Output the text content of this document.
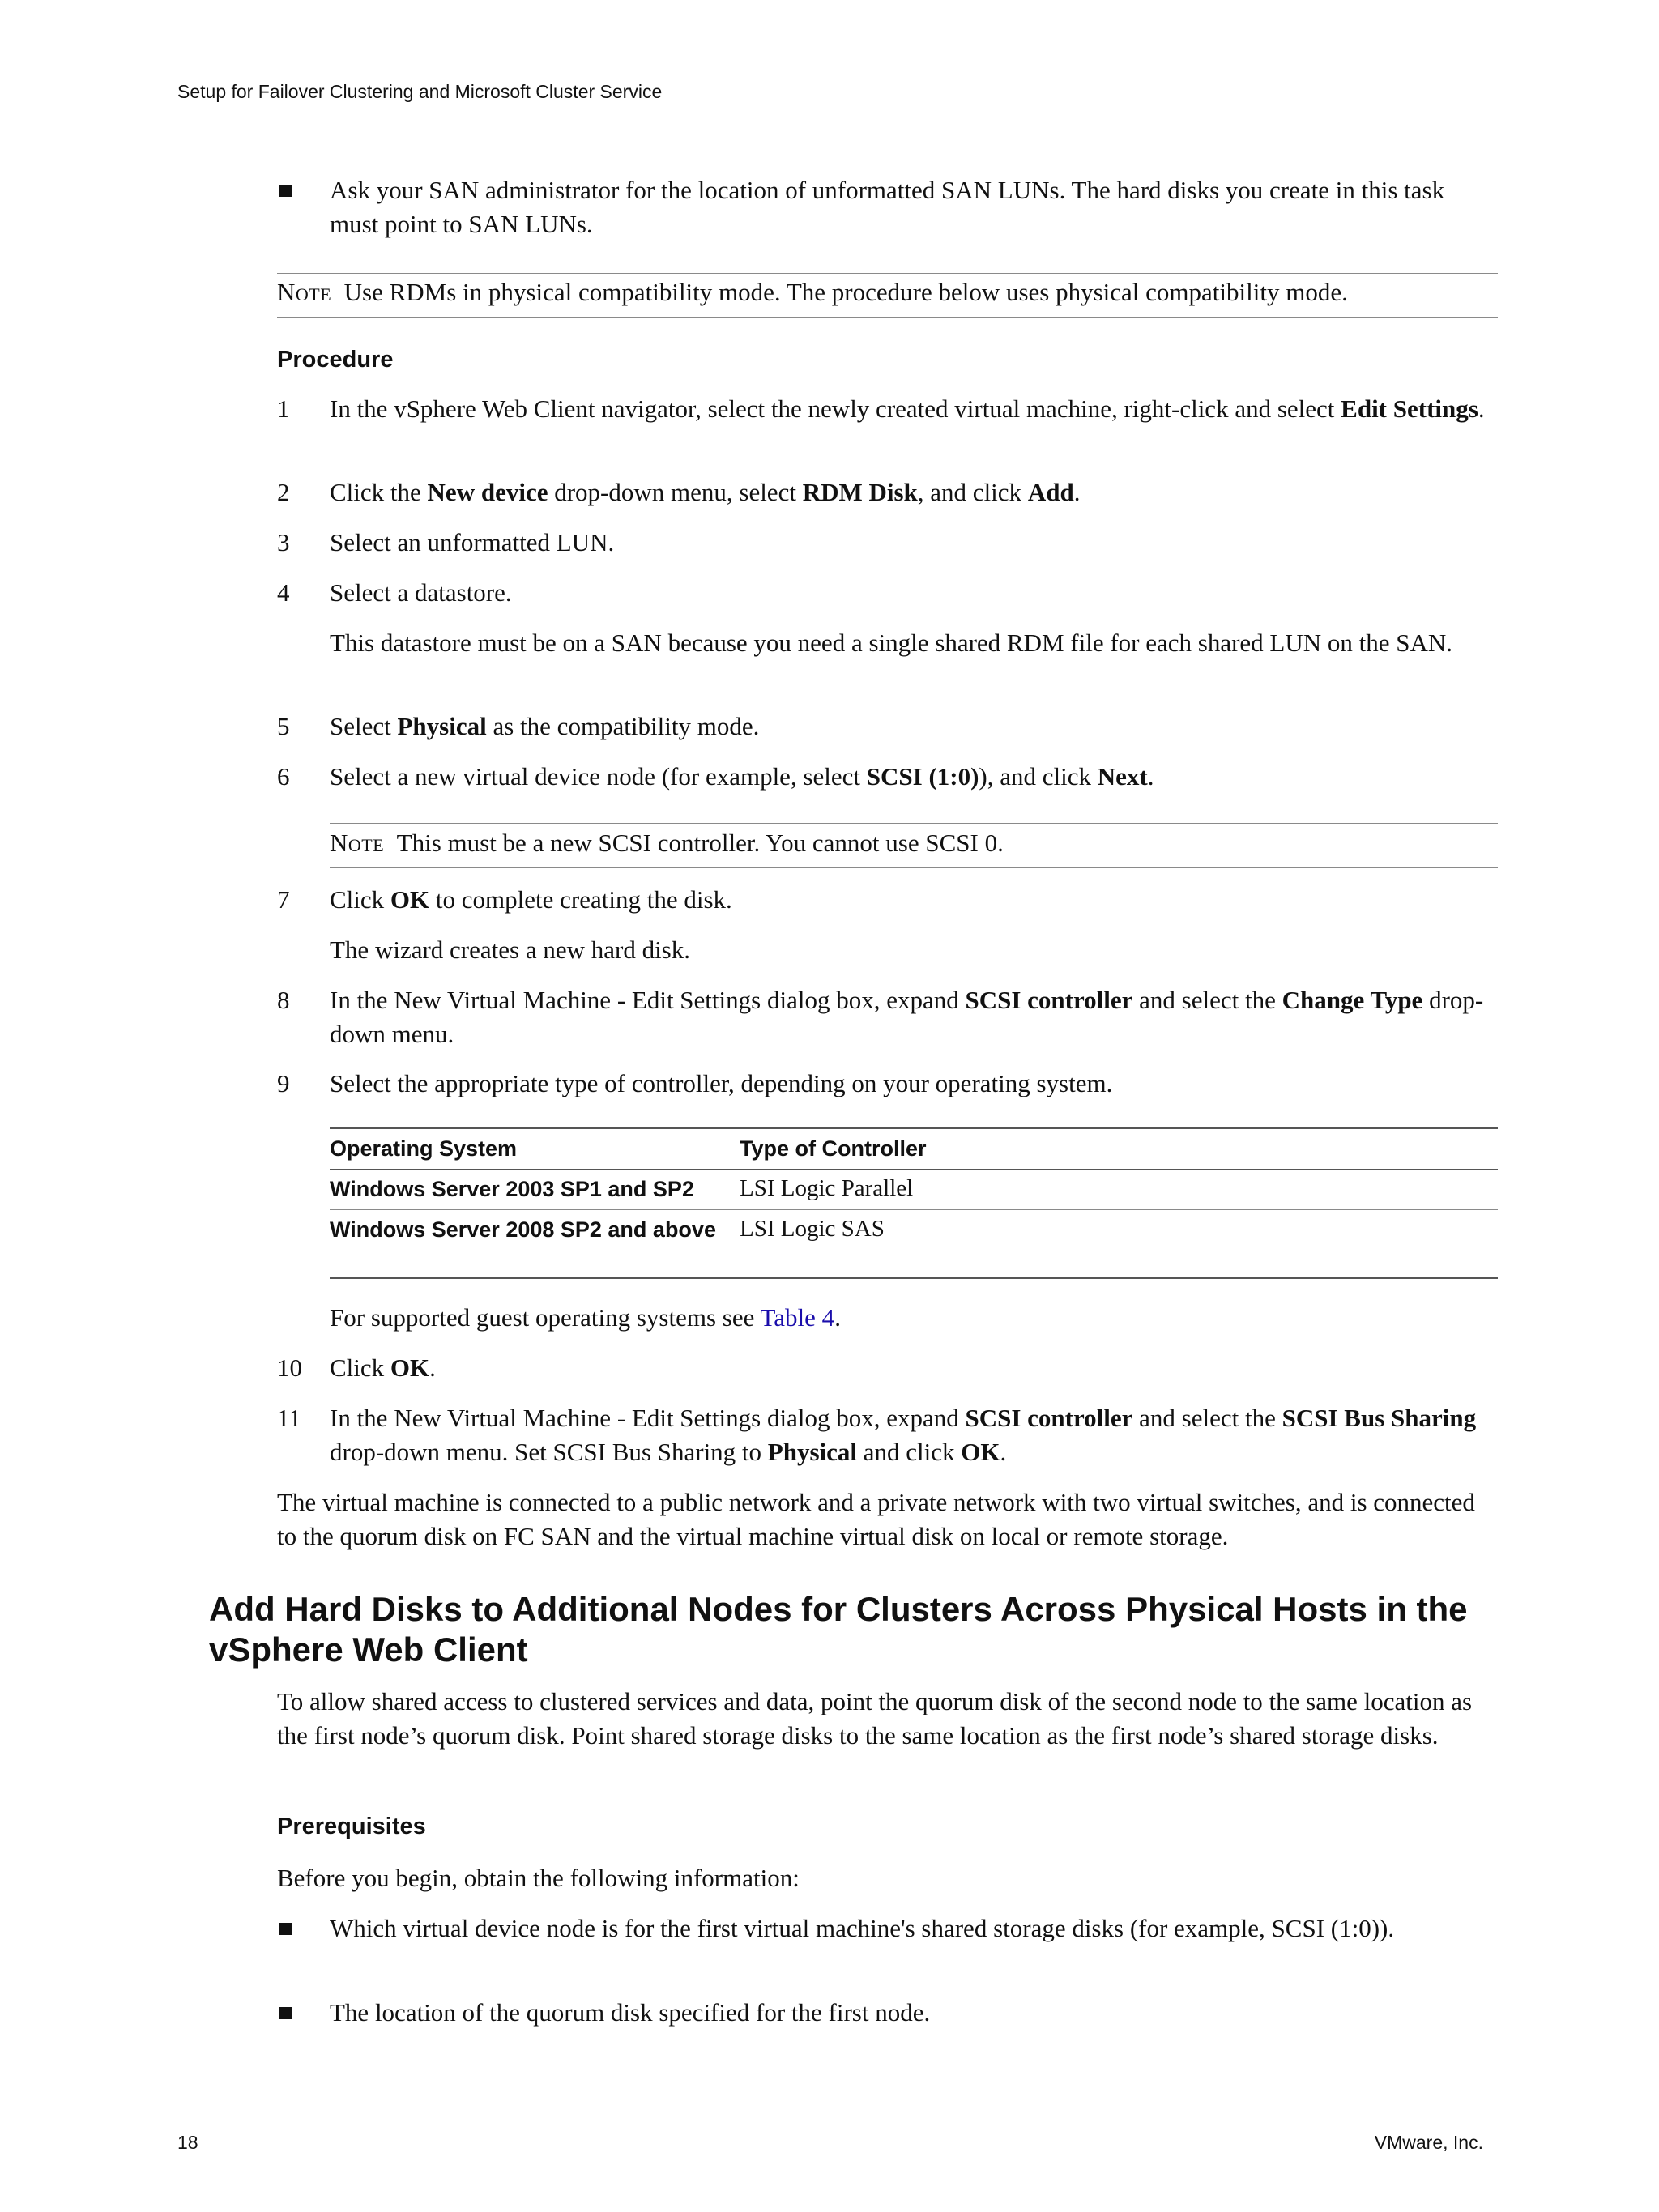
Setup for Failover Clustering and Microsoft Cluster Service
Ask your SAN administrator for the location of unformatted SAN LUNs. The hard disks you create in this task must point to SAN LUNs.
Note Use RDMs in physical compatibility mode. The procedure below uses physical compatibility mode.
Procedure
1 In the vSphere Web Client navigator, select the newly created virtual machine, right-click and select Edit Settings.
2 Click the New device drop-down menu, select RDM Disk, and click Add.
3 Select an unformatted LUN.
4 Select a datastore.
This datastore must be on a SAN because you need a single shared RDM file for each shared LUN on the SAN.
5 Select Physical as the compatibility mode.
6 Select a new virtual device node (for example, select SCSI (1:0)), and click Next.
Note This must be a new SCSI controller. You cannot use SCSI 0.
7 Click OK to complete creating the disk.
The wizard creates a new hard disk.
8 In the New Virtual Machine - Edit Settings dialog box, expand SCSI controller and select the Change Type drop-down menu.
9 Select the appropriate type of controller, depending on your operating system.
Operating System	Type of Controller
Windows Server 2003 SP1 and SP2 LSI Logic Parallel
Windows Server 2008 SP2 and above LSI Logic SAS
For supported guest operating systems see Table 4.
10 Click OK.
11 In the New Virtual Machine - Edit Settings dialog box, expand SCSI controller and select the SCSI Bus Sharing drop-down menu. Set SCSI Bus Sharing to Physical and click OK.
The virtual machine is connected to a public network and a private network with two virtual switches, and is connected to the quorum disk on FC SAN and the virtual machine virtual disk on local or remote storage.
Add Hard Disks to Additional Nodes for Clusters Across Physical Hosts in the vSphere Web Client
To allow shared access to clustered services and data, point the quorum disk of the second node to the same location as the first node’s quorum disk. Point shared storage disks to the same location as the first node’s shared storage disks.
Prerequisites
Before you begin, obtain the following information:
Which virtual device node is for the first virtual machine's shared storage disks (for example, SCSI (1:0)).
The location of the quorum disk specified for the first node.
18	VMware, Inc.
